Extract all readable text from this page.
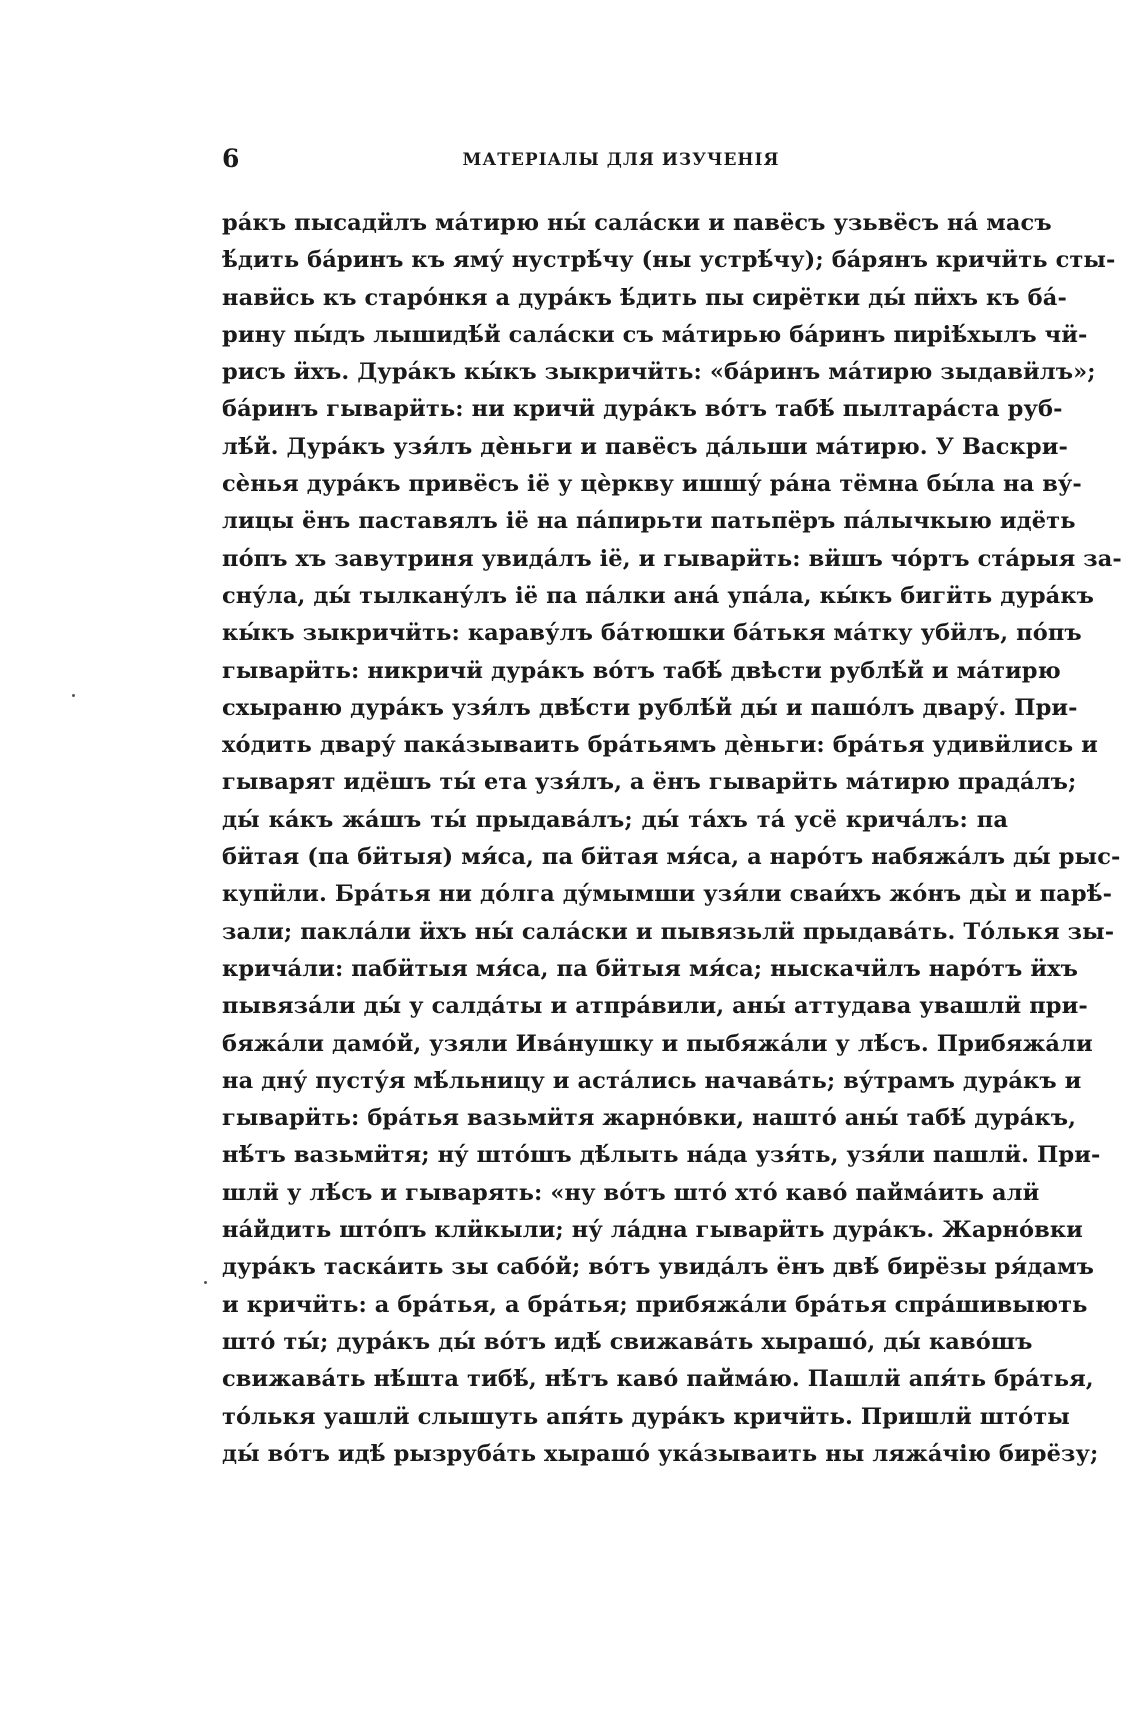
6	МАТЕРІАЛЫ ДЛЯ ИЗУЧЕНІЯ
ра́къ пысадӥлъ ма́тирю ны́ сала́ски и павёсъ узьвёсъ на́ масъ
ѣ́дить ба́ринъ къ яму́ нустрѣ́чу (ны устрѣ́чу); ба́рянъ кричӥть сты-
навӥсь къ старо́нкя а дура́къ ѣ́дить пы сирётки ды́ пӥхъ къ ба́-
рину пы́дъ лышидѣ́й сала́ски съ ма́тирью ба́ринъ пиріѣ́хылъ чӥ-
рисъ ӥхъ. Дура́къ кы́къ зыкричӥть: «ба́ринъ ма́тирю зыдавӥлъ»;
ба́ринъ гыварӥть: ни кричӥ дура́къ во́тъ табѣ́ пылтара́ста руб-
лѣ́й. Дура́къ узя́лъ дѐньги и павёсъ да́льши ма́тирю. У Васкри-
сѐнья дура́къ привёсъ іё у цѐркву ишшу́ ра́на тёмна бы́ла на ву́-
лицы ёнъ паставялъ іё на па́пирьти патьпёръ па́лычкыю идёть
по́пъ хъ завутриня увида́лъ іё, и гыварӥть: вӥшъ чо́ртъ ста́рыя за-
сну́ла, ды́ тылкану́лъ іё па па́лки ана́ упа́ла, кы́къ бигӥть дура́къ
кы́къ зыкричӥть: караву́лъ ба́тюшки ба́тькя ма́тку убӥлъ, по́пъ
гыварӥть: никричӥ дура́къ во́тъ табѣ́ двѣсти рублѣ́й и ма́тирю
схыраню дура́къ узя́лъ двѣ́сти рублѣ́й ды́ и пашо́лъ двару́. При-
хо́дить двару́ пака́зываить бра́тьямъ дѐньги: бра́тья удивӥлись и
гыварят идёшъ ты́ ета узя́лъ, а ёнъ гыварӥть ма́тирю прада́лъ;
ды́ ка́къ жа́шъ ты́ прыдава́лъ; ды́ та́хъ та́ усё крича́лъ: па
бӥтая (па бӥтыя) мя́са, па бӥтая мя́са, а наро́тъ набяжа́лъ ды́ рыс-
купӥли. Бра́тья ни до́лга ду́мымши узя́ли сваи́хъ жо́нъ ды̀ и парѣ́-
зали; пакла́ли ӥхъ ны́ сала́ски и пывязьлӥ прыдава́ть. То́лькя зы-
крича́ли: пабӥтыя мя́са, па бӥтыя мя́са; ныскачӥлъ наро́тъ ӥхъ
пывяза́ли ды́ у салда́ты и атпра́вили, аны́ аттудава увашлӥ при-
бяжа́ли дамо́й, узяли Ива́нушку и пыбяжа́ли у лѣ́съ. Прибяжа́ли
на дну́ пусту́я мѣ́льницу и аста́лись начава́ть; ву́трамъ дура́къ и
гыварӥть: бра́тья вазьмӥтя жарно́вки, нашто́ аны́ табѣ́ дура́къ,
нѣ́тъ вазьмӥтя; ну́ што́шъ дѣ́лыть на́да узя́ть, узя́ли пашлӥ. При-
шлӥ у лѣ́съ и гыварять: «ну во́тъ што́ хто́ каво́ пайма́ить алӥ
на́йдить што́пъ клӥкыли; ну́ ла́дна гыварӥть дура́къ. Жарно́вки
дура́къ таска́ить зы сабо́й; во́тъ увида́лъ ёнъ двѣ́ бирёзы ря́дамъ
и кричӥть: а бра́тья, а бра́тья; прибяжа́ли бра́тья спра́шивыють
што́ ты́; дура́къ ды́ во́тъ идѣ́ свижава́ть хырашо́, ды́ каво́шъ
свижава́ть нѣ́шта тибѣ́, нѣ́тъ каво́ пайма́ю. Пашлӥ апя́ть бра́тья,
то́лькя уашлӥ слышуть апя́ть дура́къ кричӥть. Пришлӥ што́ты
ды́ во́тъ идѣ́ рызруба́ть хырашо́ ука́зываить ны ляжа́чію бирёзу;
